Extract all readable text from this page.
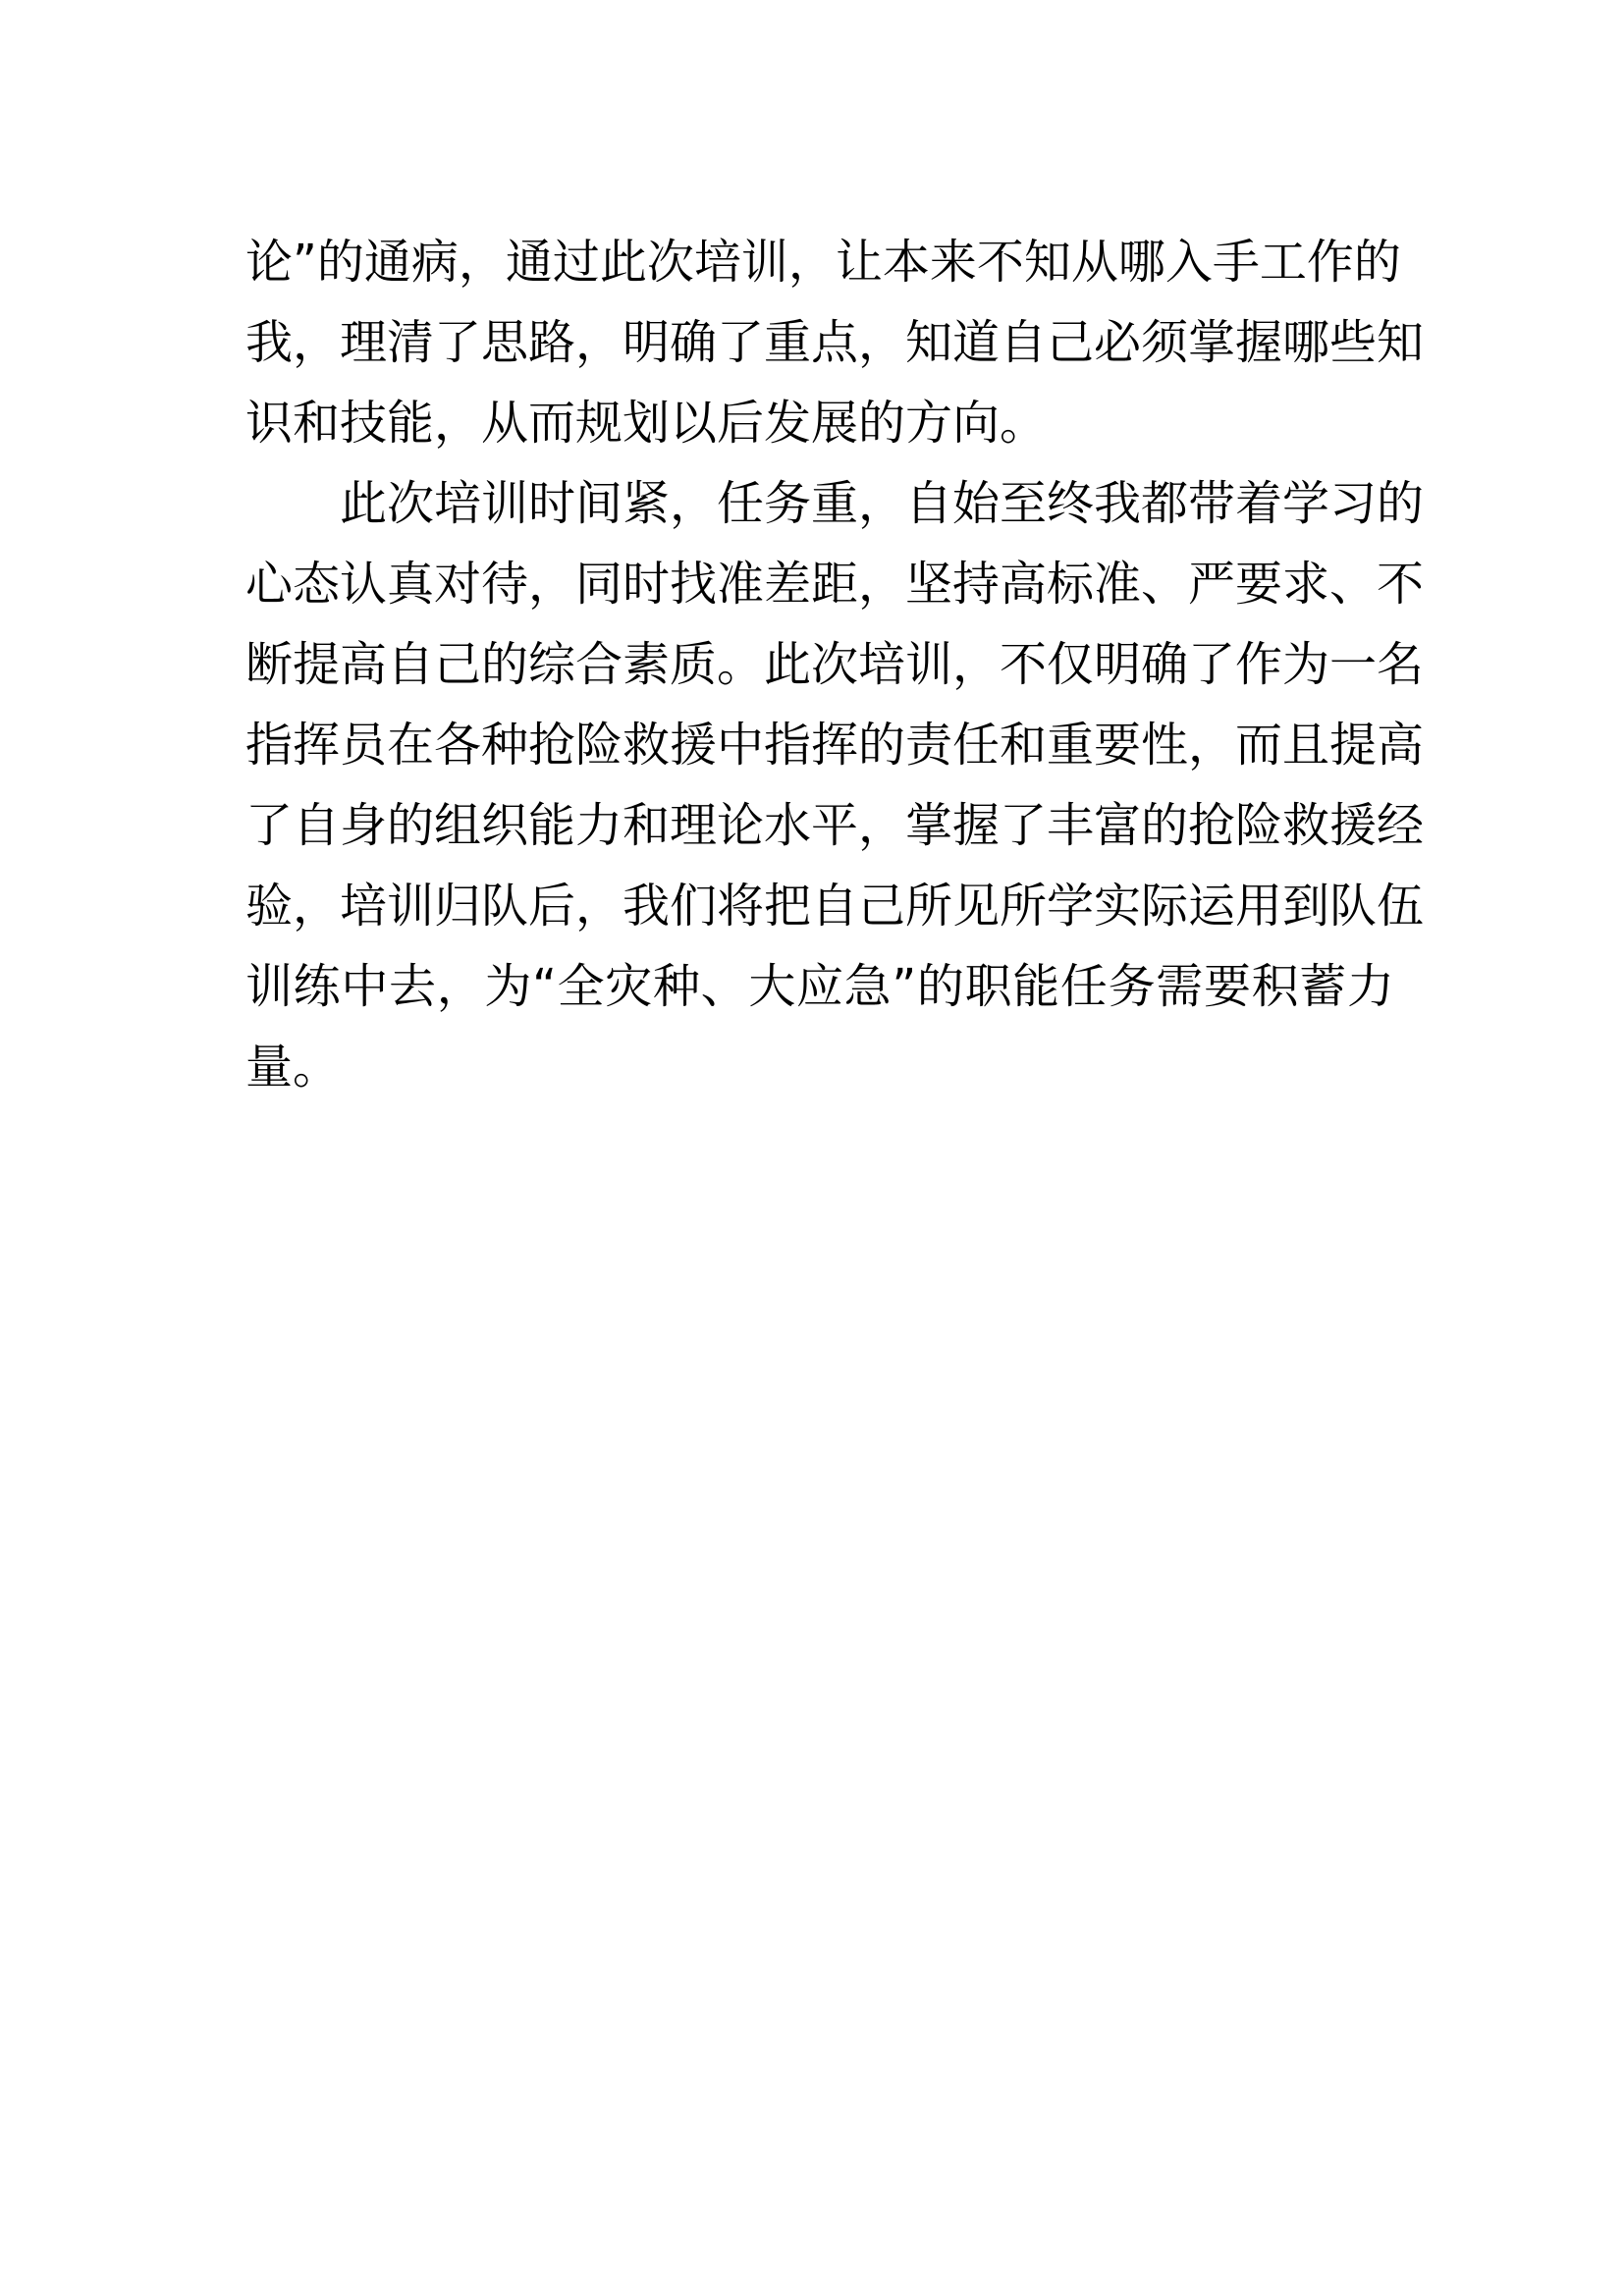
论”的通病，通过此次培训，让本来不知从哪入手工作的
我，理清了思路，明确了重点，知道自己必须掌握哪些知
识和技能，从而规划以后发展的方向。
　　此次培训时间紧，任务重，自始至终我都带着学习的
心态认真对待，同时找准差距，坚持高标准、严要求、不
断提高自己的综合素质。此次培训，不仅明确了作为一名
指挥员在各种抢险救援中指挥的责任和重要性，而且提高
了自身的组织能力和理论水平，掌握了丰富的抢险救援经
验，培训归队后，我们将把自己所见所学实际运用到队伍
训练中去，为“全灾种、大应急”的职能任务需要积蓄力
量。
